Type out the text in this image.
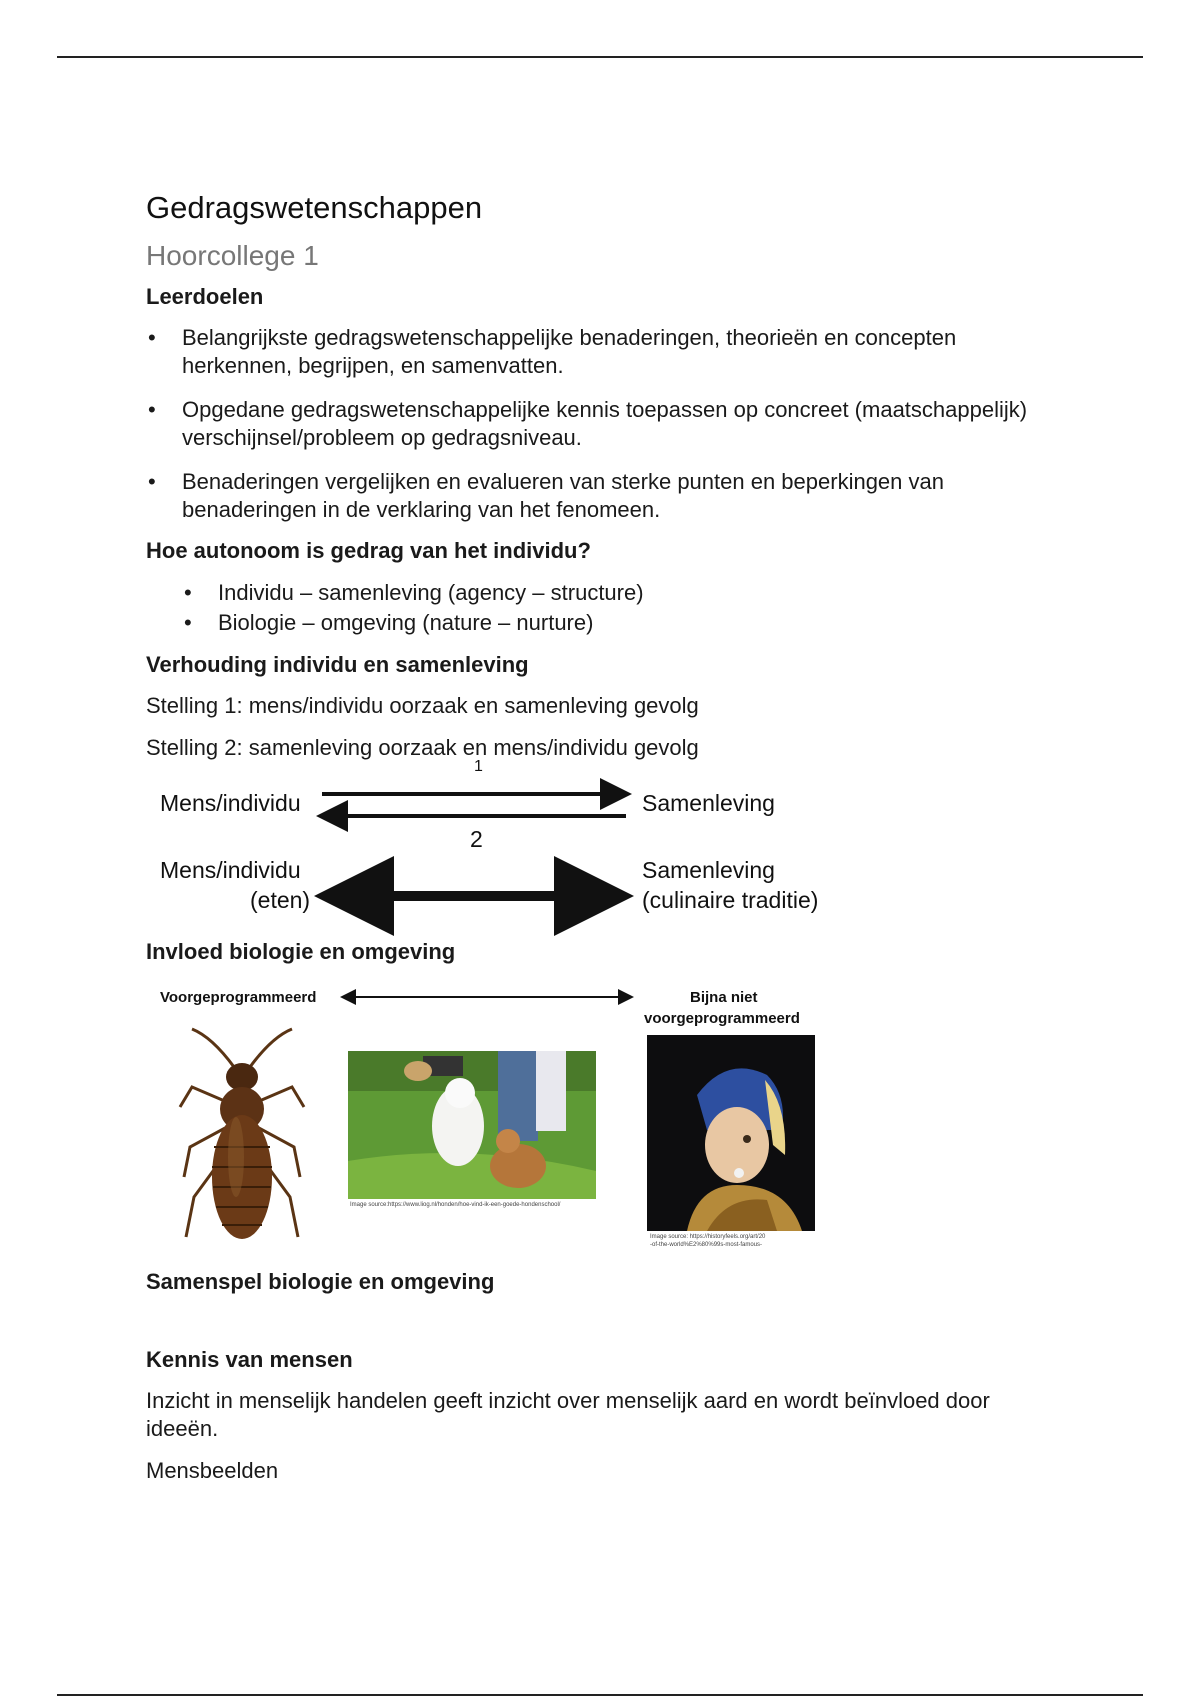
Gedragswetenschappen
Hoorcollege 1
Leerdoelen
• Belangrijkste gedragswetenschappelijke benaderingen, theorieën en concepten herkennen, begrijpen, en samenvatten.
• Opgedane gedragswetenschappelijke kennis toepassen op concreet (maatschappelijk) verschijnsel/probleem op gedragsniveau.
• Benaderingen vergelijken en evalueren van sterke punten en beperkingen van benaderingen in de verklaring van het fenomeen.
Hoe autonoom is gedrag van het individu?
• Individu – samenleving (agency – structure)
• Biologie – omgeving (nature – nurture)
Verhouding individu en samenleving

Stelling 1: mens/individu oorzaak en samenleving gevolg

Stelling 2: samenleving oorzaak en mens/individu gevolg

1
Mens/individu	Samenleving
2
Mens/individu
(eten)
Samenleving
(culinaire traditie)
Invloed biologie en omgeving
Voorgeprogrammeerd	Bijna niet
voorgeprogrammeerd
Image source:https://www.liog.nl/honden/hoe-vind-ik-een-goede-hondenschool/
Image source: https://historyfeels.org/art/20
-of-the-world%E2%80%99s-most-famous-
Samenspel biologie en omgeving
Kennis van mensen

Inzicht in menselijk handelen geeft inzicht over menselijk aard en wordt beïnvloed door ideeën.

Mensbeelden
